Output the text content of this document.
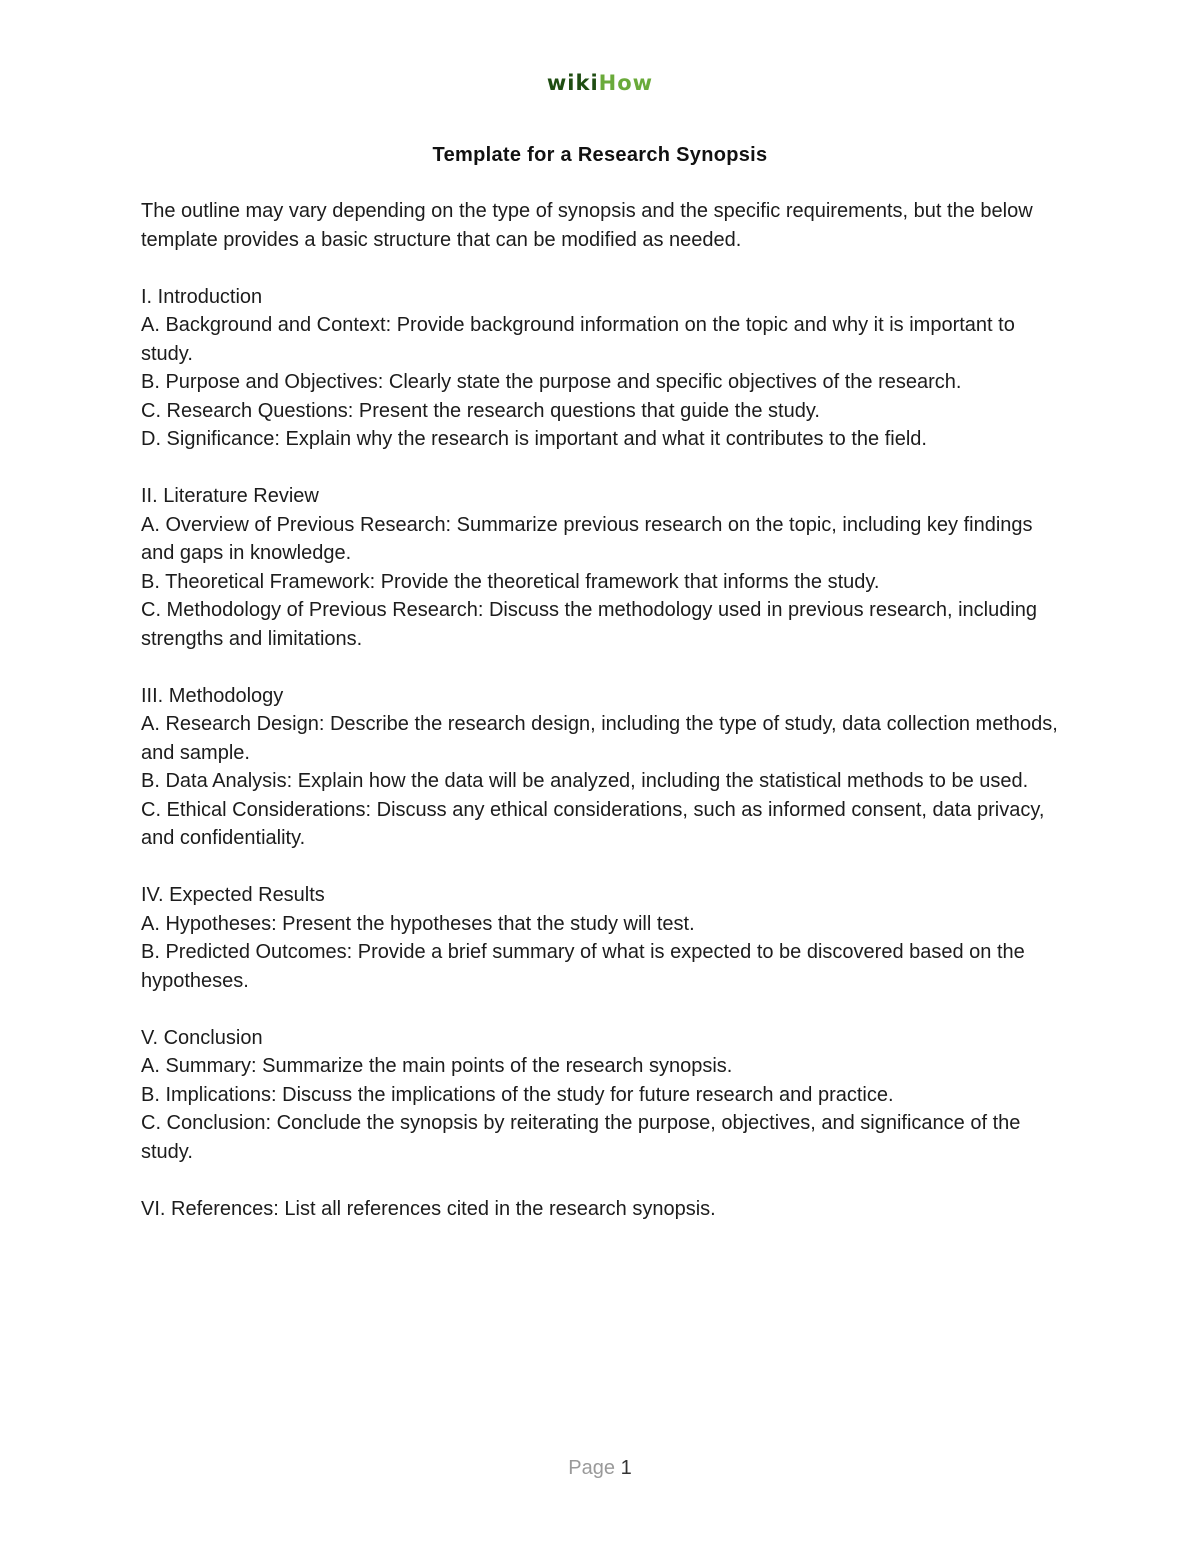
wikiHow
Template for a Research Synopsis

The outline may vary depending on the type of synopsis and the specific requirements, but the below template provides a basic structure that can be modified as needed.

I. Introduction

A. Background and Context: Provide background information on the topic and why it is important to study.

B. Purpose and Objectives: Clearly state the purpose and specific objectives of the research.

C. Research Questions: Present the research questions that guide the study.

D. Significance: Explain why the research is important and what it contributes to the field.

II. Literature Review

A. Overview of Previous Research: Summarize previous research on the topic, including key findings and gaps in knowledge.

B. Theoretical Framework: Provide the theoretical framework that informs the study.

C. Methodology of Previous Research: Discuss the methodology used in previous research, including strengths and limitations.

III. Methodology

A. Research Design: Describe the research design, including the type of study, data collection methods, and sample.

B. Data Analysis: Explain how the data will be analyzed, including the statistical methods to be used.

C. Ethical Considerations: Discuss any ethical considerations, such as informed consent, data privacy, and confidentiality.

IV. Expected Results

A. Hypotheses: Present the hypotheses that the study will test.

B. Predicted Outcomes: Provide a brief summary of what is expected to be discovered based on the hypotheses.

V. Conclusion

A. Summary: Summarize the main points of the research synopsis.

B. Implications: Discuss the implications of the study for future research and practice.

C. Conclusion: Conclude the synopsis by reiterating the purpose, objectives, and significance of the study.

VI. References: List all references cited in the research synopsis.

Page 1
